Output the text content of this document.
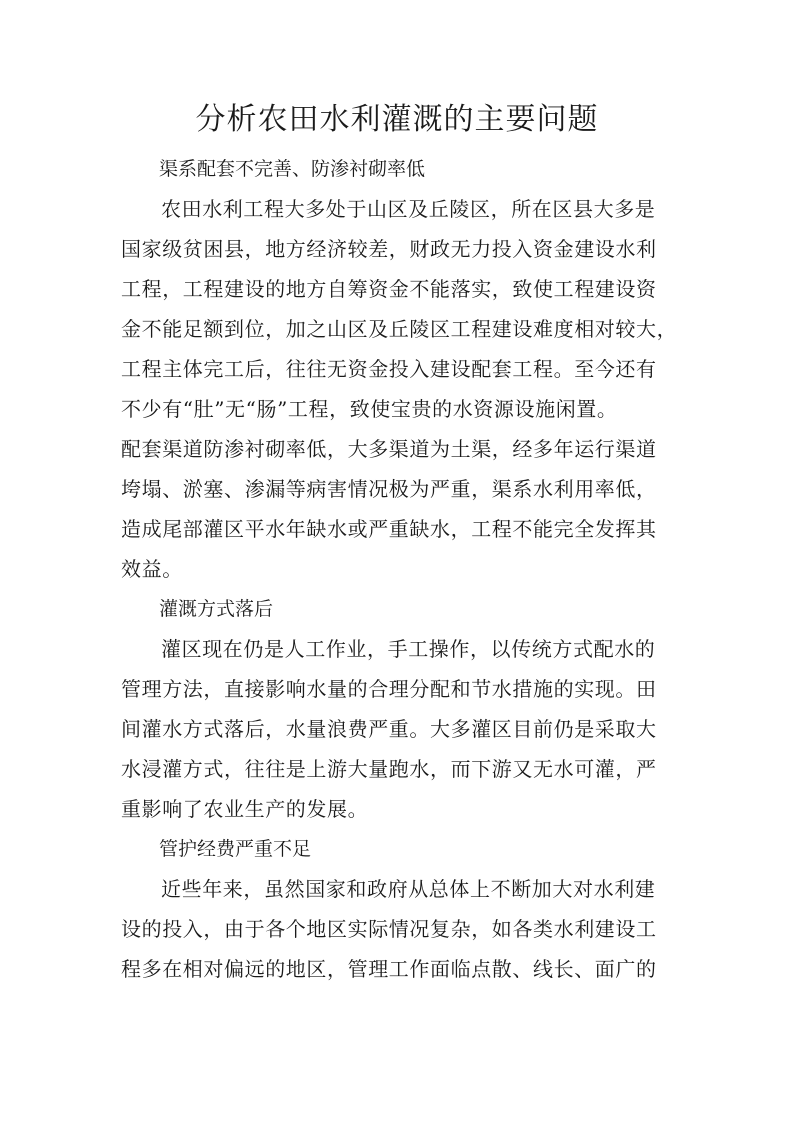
分析农田水利灌溉的主要问题

渠系配套不完善、防渗衬砌率低

农田水利工程大多处于山区及丘陵区，所在区县大多是
国家级贫困县，地方经济较差，财政无力投入资金建设水利
工程，工程建设的地方自筹资金不能落实，致使工程建设资
金不能足额到位，加之山区及丘陵区工程建设难度相对较大，
工程主体完工后，往往无资金投入建设配套工程。至今还有
不少有“肚”无“肠”工程，致使宝贵的水资源设施闲置。
配套渠道防渗衬砌率低，大多渠道为土渠，经多年运行渠道
垮塌、淤塞、渗漏等病害情况极为严重，渠系水利用率低，
造成尾部灌区平水年缺水或严重缺水，工程不能完全发挥其
效益。

灌溉方式落后

灌区现在仍是人工作业，手工操作，以传统方式配水的
管理方法，直接影响水量的合理分配和节水措施的实现。田
间灌水方式落后，水量浪费严重。大多灌区目前仍是采取大
水浸灌方式，往往是上游大量跑水，而下游又无水可灌，严
重影响了农业生产的发展。

管护经费严重不足

近些年来，虽然国家和政府从总体上不断加大对水利建
设的投入，由于各个地区实际情况复杂，如各类水利建设工
程多在相对偏远的地区，管理工作面临点散、线长、面广的
